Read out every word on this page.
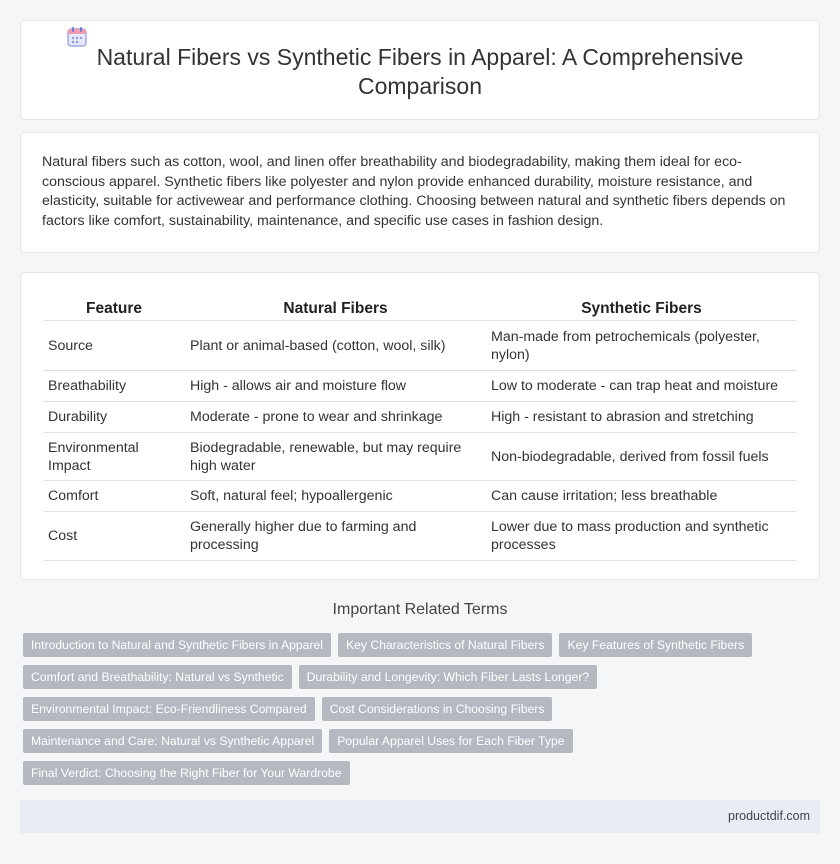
Natural Fibers vs Synthetic Fibers in Apparel: A Comprehensive Comparison

Natural fibers such as cotton, wool, and linen offer breathability and biodegradability, making them ideal for eco-conscious apparel. Synthetic fibers like polyester and nylon provide enhanced durability, moisture resistance, and elasticity, suitable for activewear and performance clothing. Choosing between natural and synthetic fibers depends on factors like comfort, sustainability, maintenance, and specific use cases in fashion design.

Feature	Natural Fibers	Synthetic Fibers
Source	Plant or animal-based (cotton, wool, silk)	Man-made from petrochemicals (polyester, nylon)
Breathability	High - allows air and moisture flow	Low to moderate - can trap heat and moisture
Durability	Moderate - prone to wear and shrinkage	High - resistant to abrasion and stretching
Environmental Impact	Biodegradable, renewable, but may require high water	Non-biodegradable, derived from fossil fuels
Comfort	Soft, natural feel; hypoallergenic	Can cause irritation; less breathable
Cost	Generally higher due to farming and processing	Lower due to mass production and synthetic processes
Important Related Terms
Introduction to Natural and Synthetic Fibers in Apparel	Key Characteristics of Natural Fibers	Key Features of Synthetic Fibers
Comfort and Breathability: Natural vs Synthetic	Durability and Longevity: Which Fiber Lasts Longer?
Environmental Impact: Eco-Friendliness Compared	Cost Considerations in Choosing Fibers
Maintenance and Care: Natural vs Synthetic Apparel	Popular Apparel Uses for Each Fiber Type
Final Verdict: Choosing the Right Fiber for Your Wardrobe
productdif.com
